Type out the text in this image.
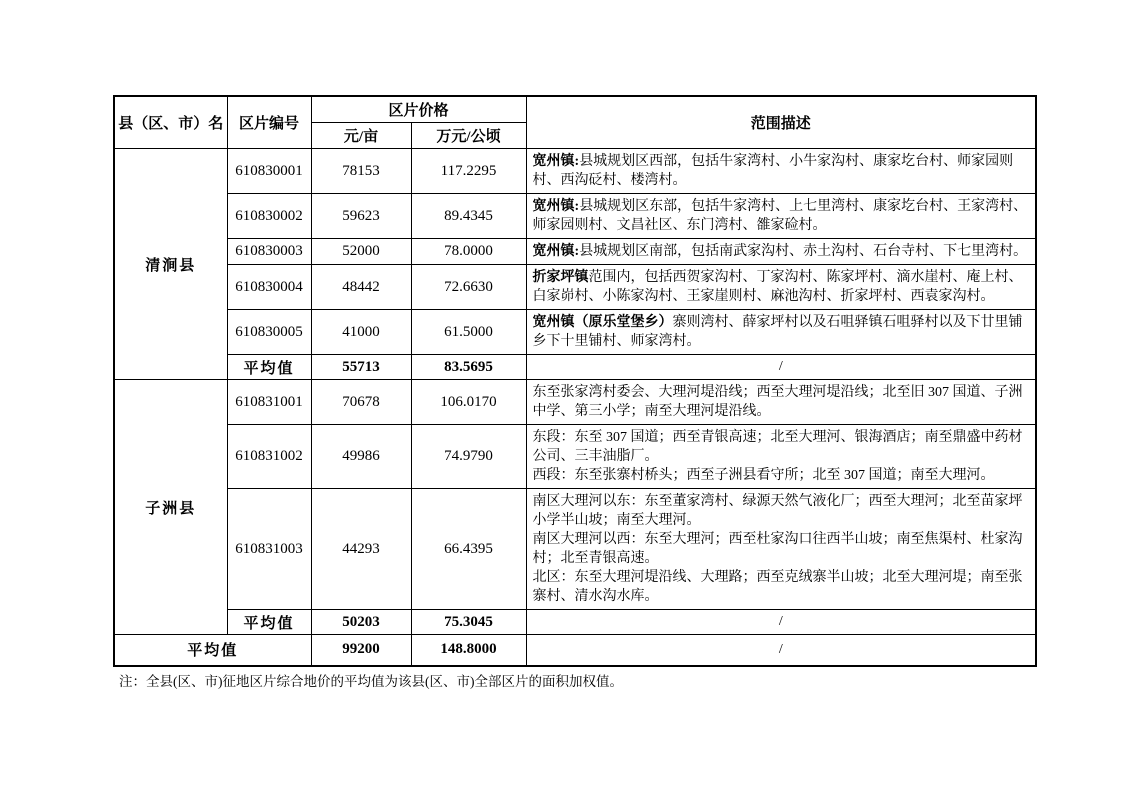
县（区、市）名	区片编号	区片价格		范围描述
		元/亩	万元/公顷	
清涧县	610830001	78153	117.2295	宽州镇:县城规划区西部，包括牛家湾村、小牛家沟村、康家圪台村、师家园则村、西沟砭村、楼湾村。

	610830002	59623	89.4345	宽州镇:县城规划区东部，包括牛家湾村、上七里湾村、康家圪台村、王家湾村、师家园则村、文昌社区、东门湾村、雒家硷村。

	610830003	52000	78.0000	宽州镇:县城规划区南部，包括南武家沟村、赤土沟村、石台寺村、下七里湾村。

	610830004	48442	72.6630	折家坪镇范围内，包括西贺家沟村、丁家沟村、陈家坪村、滴水崖村、庵上村、白家峁村、小陈家沟村、王家崖则村、麻池沟村、折家坪村、西袁家沟村。

	610830005	41000	61.5000	宽州镇（原乐堂堡乡）寨则湾村、薛家坪村以及石咀驿镇石咀驿村以及下廿里铺乡下十里铺村、师家湾村。

	平均值	55713	83.5695	/
子洲县	610831001	70678	106.0170	东至张家湾村委会、大理河堤沿线；西至大理河堤沿线；北至旧 307 国道、子洲中学、第三小学；南至大理河堤沿线。

	610831002	49986	74.9790	东段：东至 307 国道；西至青银高速；北至大理河、银海酒店；南至鼎盛中药材公司、三丰油脂厂。
西段：东至张寨村桥头；西至子洲县看守所；北至 307 国道；南至大理河。

	610831003	44293	66.4395	南区大理河以东：东至董家湾村、绿源天然气液化厂；西至大理河；北至苗家坪小学半山坡；南至大理河。
南区大理河以西：东至大理河；西至杜家沟口往西半山坡；南至焦渠村、杜家沟村；北至青银高速。
北区：东至大理河堤沿线、大理路；西至克绒寨半山坡；北至大理河堤；南至张寨村、清水沟水库。

	平均值	50203	75.3045	/
平均值		99200	148.8000	/

注：全县(区、市)征地区片综合地价的平均值为该县(区、市)全部区片的面积加权值。
